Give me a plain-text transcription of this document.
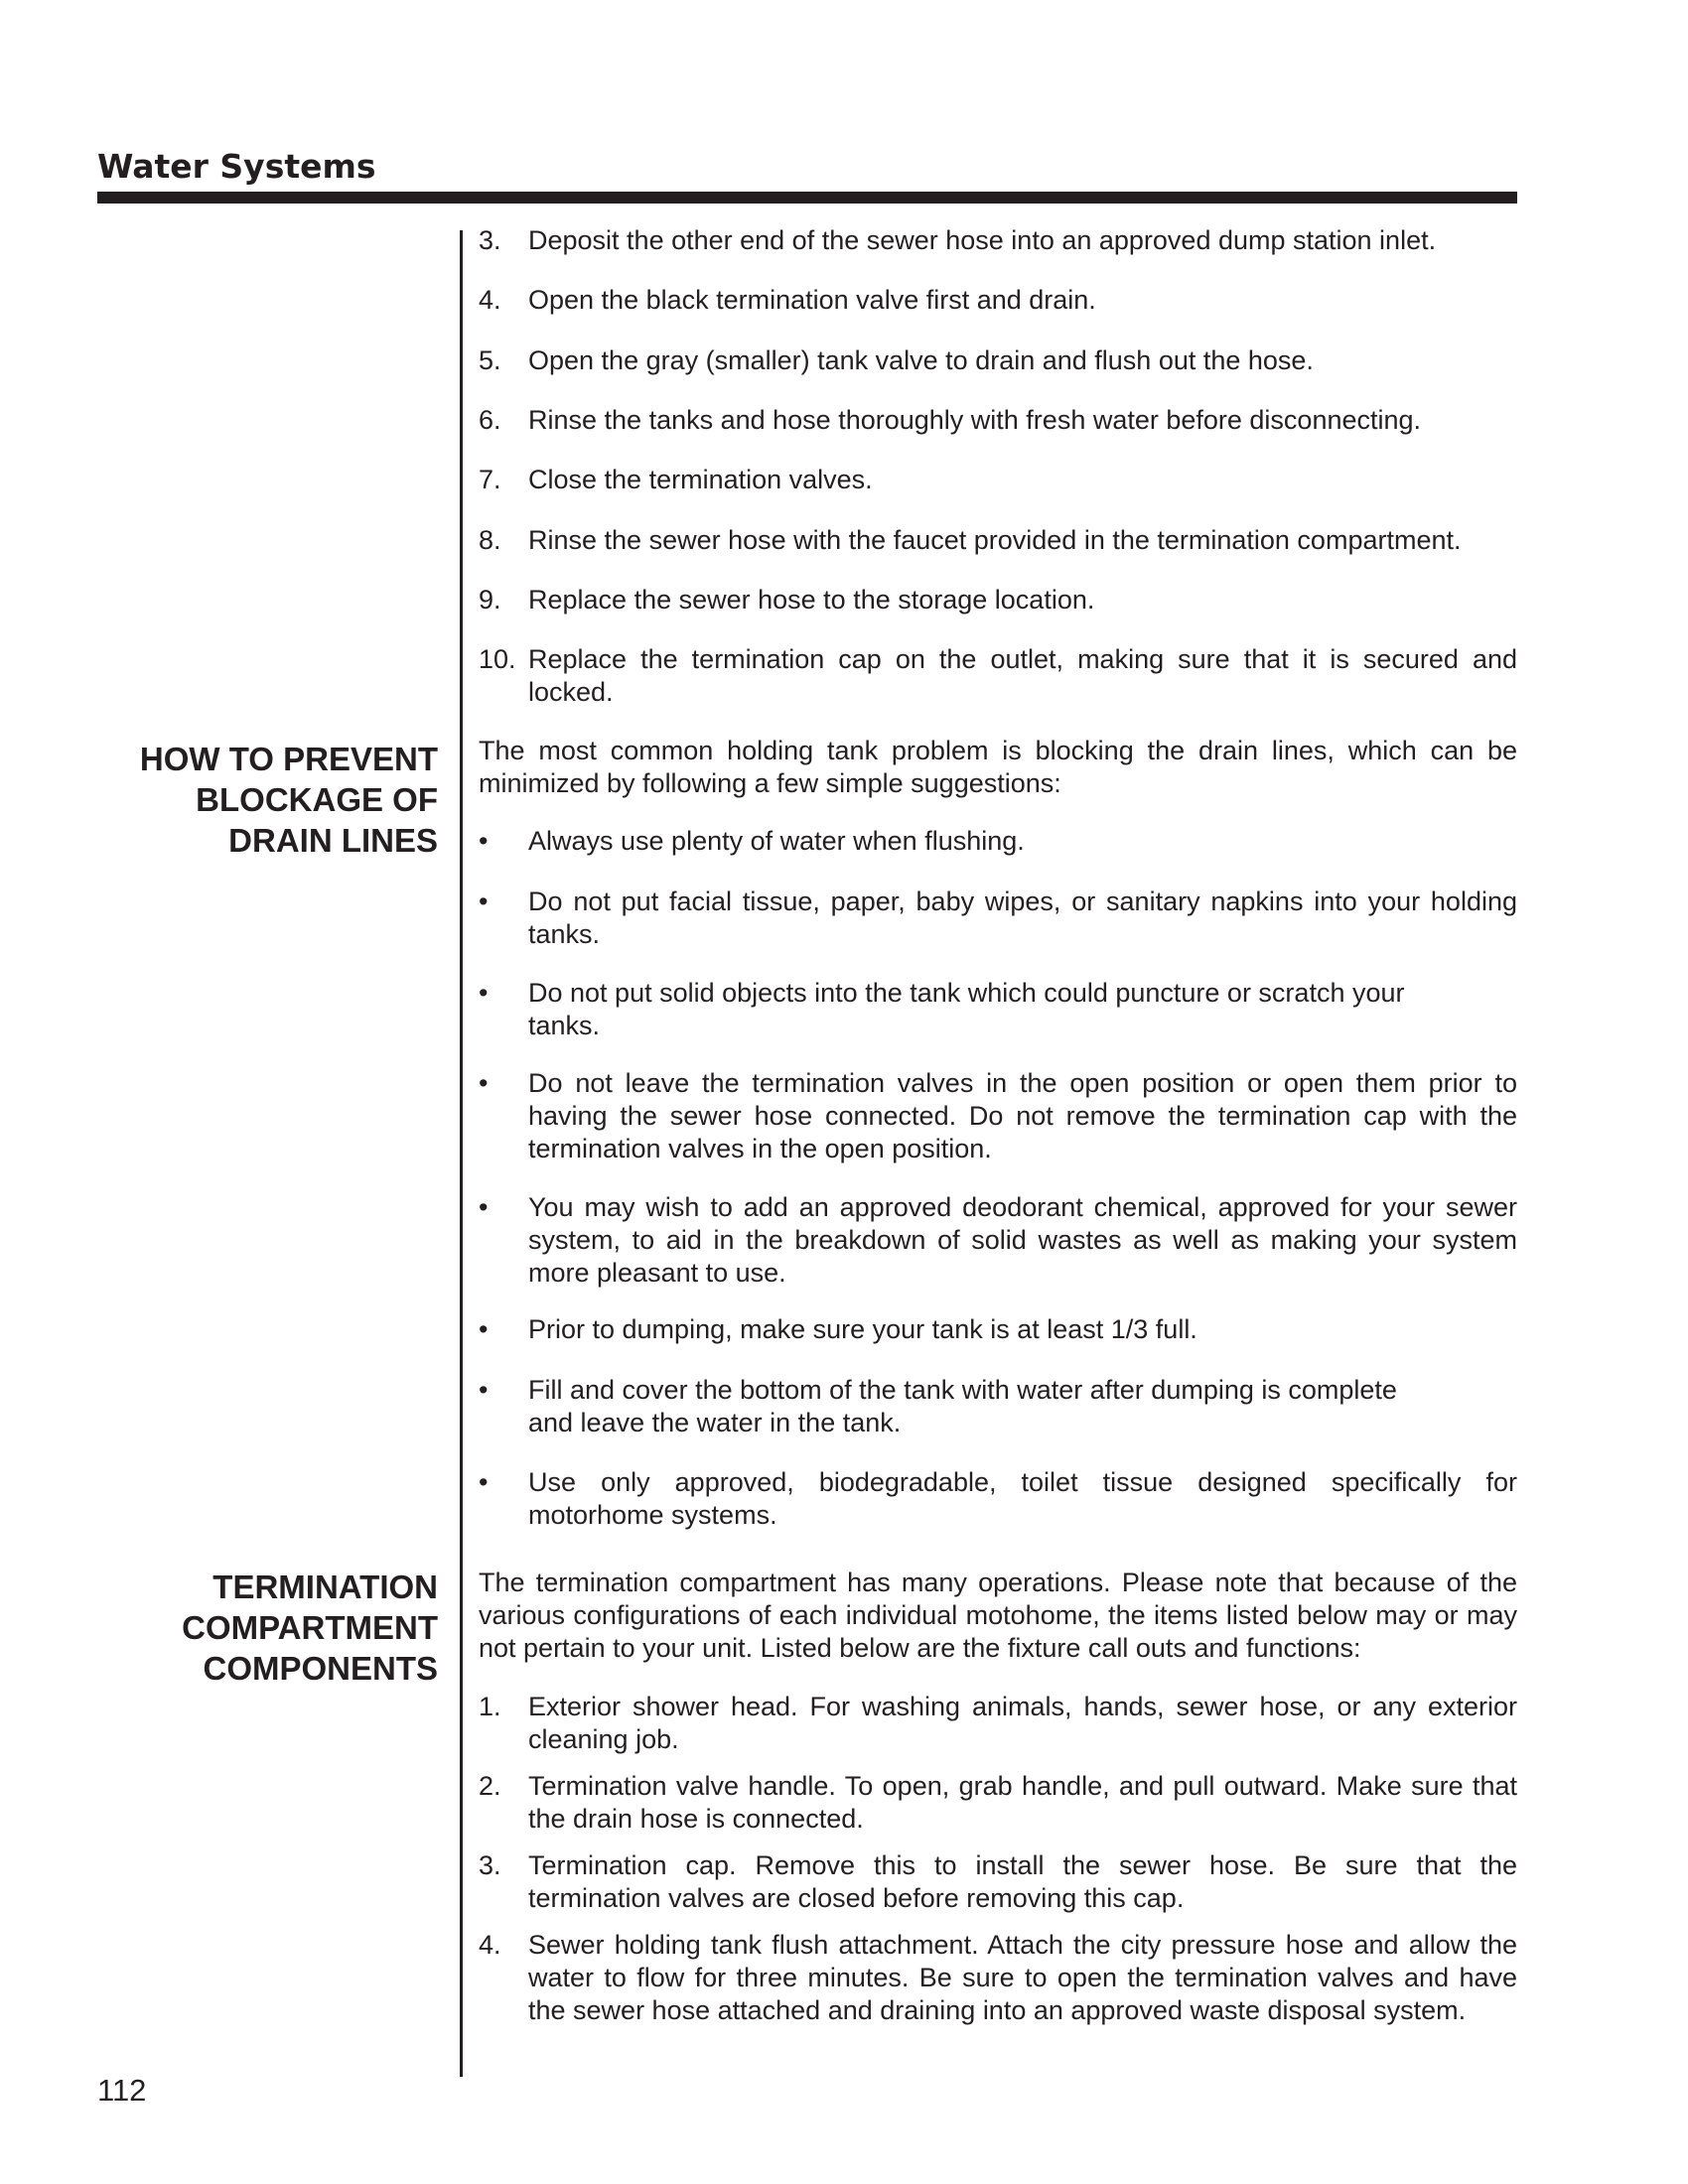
Water Systems

3. Deposit the other end of the sewer hose into an approved dump station inlet.

4. Open the black termination valve first and drain.

5. Open the gray (smaller) tank valve to drain and flush out the hose.

6. Rinse the tanks and hose thoroughly with fresh water before disconnecting.

7. Close the termination valves.

8. Rinse the sewer hose with the faucet provided in the termination compartment.

9. Replace the sewer hose to the storage location.

10. Replace the termination cap on the outlet, making sure that it is secured and locked.

HOW TO PREVENT
BLOCKAGE OF
DRAIN LINES

The most common holding tank problem is blocking the drain lines, which can be minimized by following a few simple suggestions:

• Always use plenty of water when flushing.

• Do not put facial tissue, paper, baby wipes, or sanitary napkins into your holding tanks.

• Do not put solid objects into the tank which could puncture or scratch your tanks.

• Do not leave the termination valves in the open position or open them prior to having the sewer hose connected. Do not remove the termination cap with the termination valves in the open position.

• You may wish to add an approved deodorant chemical, approved for your sewer system, to aid in the breakdown of solid wastes as well as making your system more pleasant to use.

• Prior to dumping, make sure your tank is at least 1/3 full.

• Fill and cover the bottom of the tank with water after dumping is complete and leave the water in the tank.

• Use only approved, biodegradable, toilet tissue designed specifically for motorhome systems.

TERMINATION
COMPARTMENT
COMPONENTS

The termination compartment has many operations. Please note that because of the various configurations of each individual motohome, the items listed below may or may not pertain to your unit. Listed below are the fixture call outs and functions:

1. Exterior shower head. For washing animals, hands, sewer hose, or any exterior cleaning job.

2. Termination valve handle. To open, grab handle, and pull outward. Make sure that the drain hose is connected.

3. Termination cap. Remove this to install the sewer hose. Be sure that the termination valves are closed before removing this cap.

4. Sewer holding tank flush attachment. Attach the city pressure hose and allow the water to flow for three minutes. Be sure to open the termination valves and have the sewer hose attached and draining into an approved waste disposal system.

112
